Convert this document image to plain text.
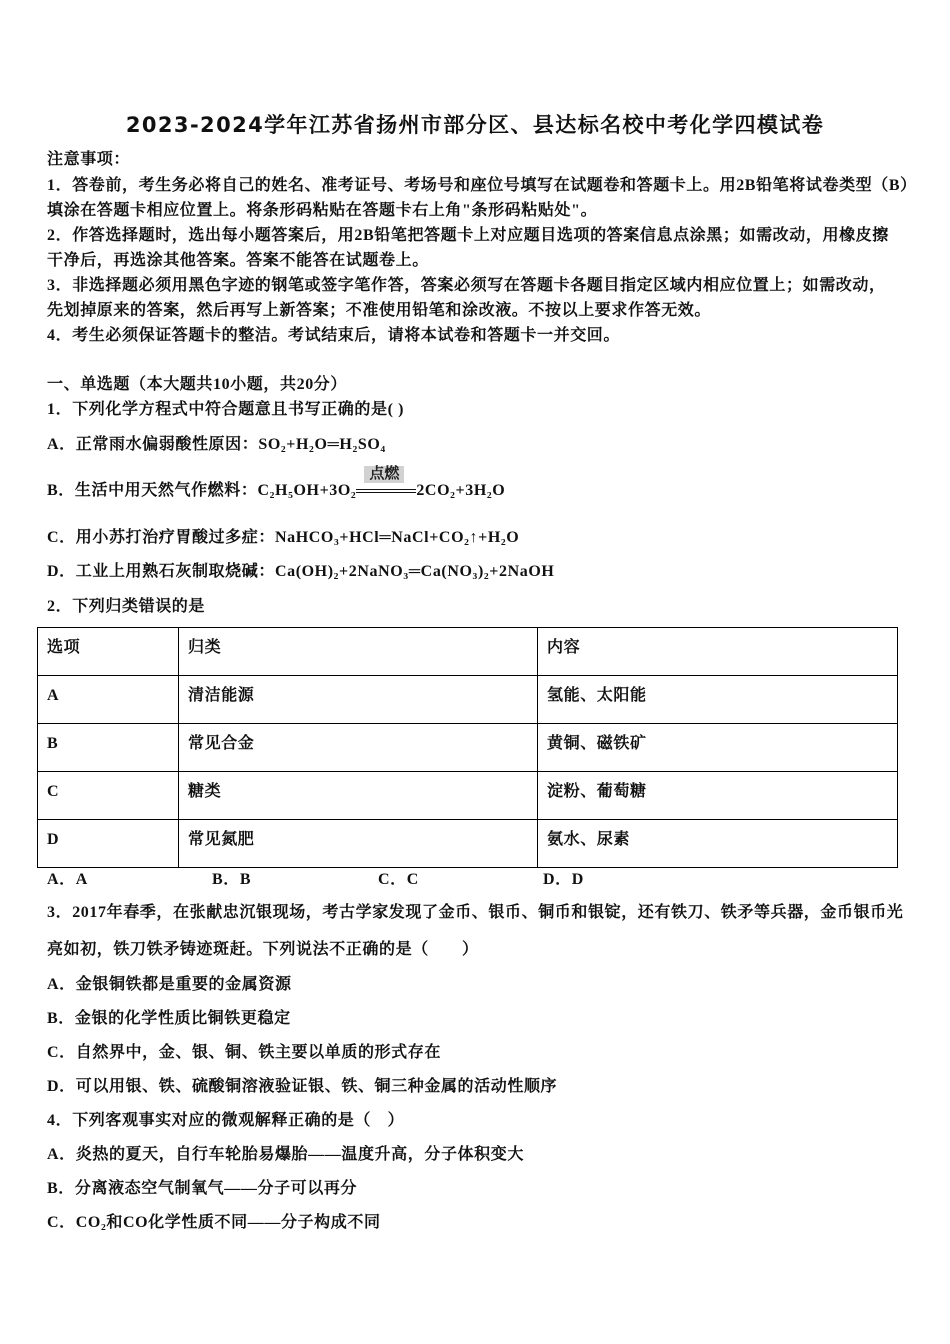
2023-2024学年江苏省扬州市部分区、县达标名校中考化学四模试卷
注意事项：
1．答卷前，考生务必将自己的姓名、准考证号、考场号和座位号填写在试题卷和答题卡上。用2B铅笔将试卷类型（B）
填涂在答题卡相应位置上。将条形码粘贴在答题卡右上角"条形码粘贴处"。
2．作答选择题时，选出每小题答案后，用2B铅笔把答题卡上对应题目选项的答案信息点涂黑；如需改动，用橡皮擦
干净后，再选涂其他答案。答案不能答在试题卷上。
3．非选择题必须用黑色字迹的钢笔或签字笔作答，答案必须写在答题卡各题目指定区域内相应位置上；如需改动，
先划掉原来的答案，然后再写上新答案；不准使用铅笔和涂改液。不按以上要求作答无效。
4．考生必须保证答题卡的整洁。考试结束后，请将本试卷和答题卡一并交回。
一、单选题（本大题共10小题，共20分）
1．下列化学方程式中符合题意且书写正确的是( )
A．正常雨水偏弱酸性原因：SO₂+H₂O═H₂SO₄
B．生活中用天然气作燃料：C₂H₅OH+3O₂
点燃
2CO₂+3H₂O
C．用小苏打治疗胃酸过多症：NaHCO₃+HCl═NaCl+CO₂↑+H₂O
D．工业上用熟石灰制取烧碱：Ca(OH)₂+2NaNO₃═Ca(NO₃)₂+2NaOH
2．下列归类错误的是
选项	归类	内容
A	清洁能源	氢能、太阳能
B	常见合金	黄铜、磁铁矿
C	糖类	淀粉、葡萄糖
D	常见氮肥	氨水、尿素
A．A	B．B	C．C	D．D
3．2017年春季，在张献忠沉银现场，考古学家发现了金币、银币、铜币和银锭，还有铁刀、铁矛等兵器，金币银币光
亮如初，铁刀铁矛铸迹斑赶。下列说法不正确的是（　　）
A．金银铜铁都是重要的金属资源
B．金银的化学性质比铜铁更稳定
C．自然界中，金、银、铜、铁主要以单质的形式存在
D．可以用银、铁、硫酸铜溶液验证银、铁、铜三种金属的活动性顺序
4．下列客观事实对应的微观解释正确的是（　）
A．炎热的夏天，自行车轮胎易爆胎——温度升高，分子体积变大
B．分离液态空气制氧气——分子可以再分
C．CO₂和CO化学性质不同——分子构成不同
